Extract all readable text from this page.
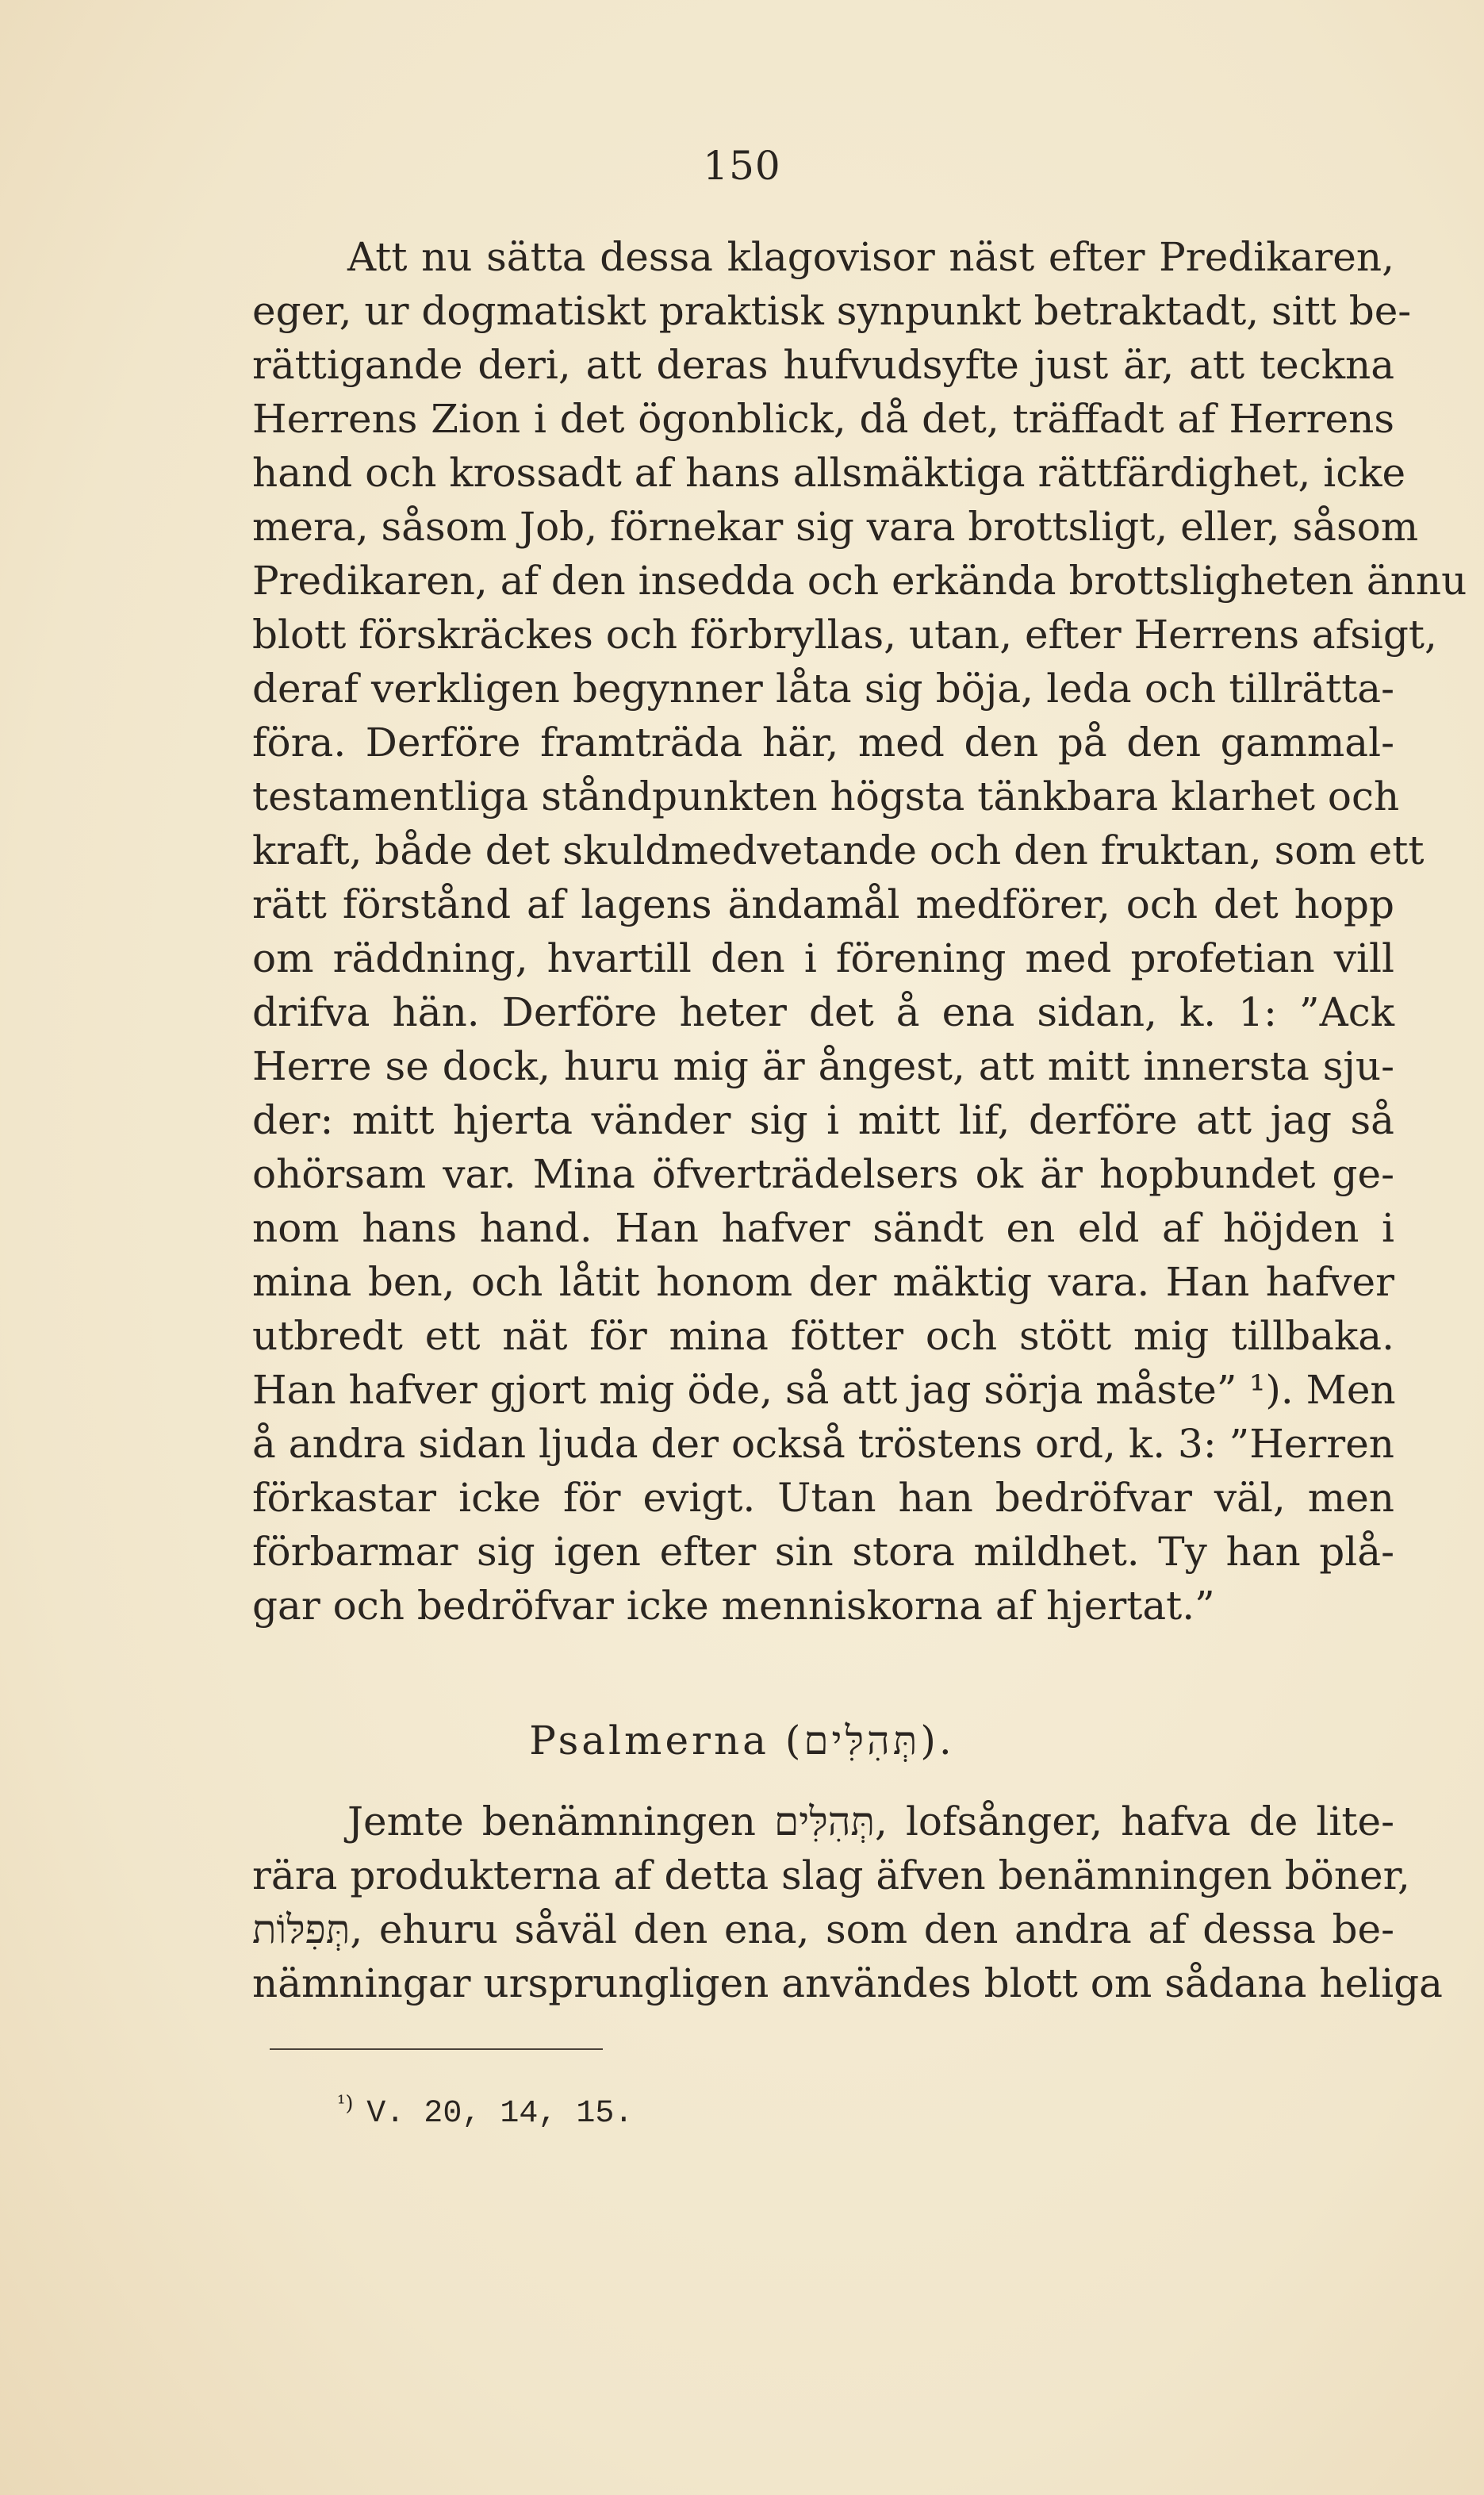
150
Att nu sätta dessa klagovisor näst efter Predikaren,
eger, ur dogmatiskt praktisk synpunkt betraktadt, sitt be-
rättigande deri, att deras hufvudsyfte just är, att teckna
Herrens Zion i det ögonblick, då det, träffadt af Herrens
hand och krossadt af hans allsmäktiga rättfärdighet, icke
mera, såsom Job, förnekar sig vara brottsligt, eller, såsom
Predikaren, af den insedda och erkända brottsligheten ännu
blott förskräckes och förbryllas, utan, efter Herrens afsigt,
deraf verkligen begynner låta sig böja, leda och tillrätta-
föra. Derföre framträda här, med den på den gammal-
testamentliga ståndpunkten högsta tänkbara klarhet och
kraft, både det skuldmedvetande och den fruktan, som ett
rätt förstånd af lagens ändamål medförer, och det hopp
om räddning, hvartill den i förening med profetian vill
drifva hän. Derföre heter det å ena sidan, k. 1: ”Ack
Herre se dock, huru mig är ångest, att mitt innersta sju-
der: mitt hjerta vänder sig i mitt lif, derföre att jag så
ohörsam var. Mina öfverträdelsers ok är hopbundet ge-
nom hans hand. Han hafver sändt en eld af höjden i
mina ben, och låtit honom der mäktig vara. Han hafver
utbredt ett nät för mina fötter och stött mig tillbaka.
Han hafver gjort mig öde, så att jag sörja måste” ¹). Men
å andra sidan ljuda der också tröstens ord, k. 3: ”Herren
förkastar icke för evigt. Utan han bedröfvar väl, men
förbarmar sig igen efter sin stora mildhet. Ty han plå-
gar och bedröfvar icke menniskorna af hjertat.”
Jemte benämningen תְּהִלִּים, lofsånger, hafva de lite-
rära produkterna af detta slag äfven benämningen böner,
תְּפִלּוֹת, ehuru såväl den ena, som den andra af dessa be-
nämningar ursprungligen användes blott om sådana heliga
Psalmerna (תְּהִלִּים).
$^{^1)}$ V. 20, 14, 15.
